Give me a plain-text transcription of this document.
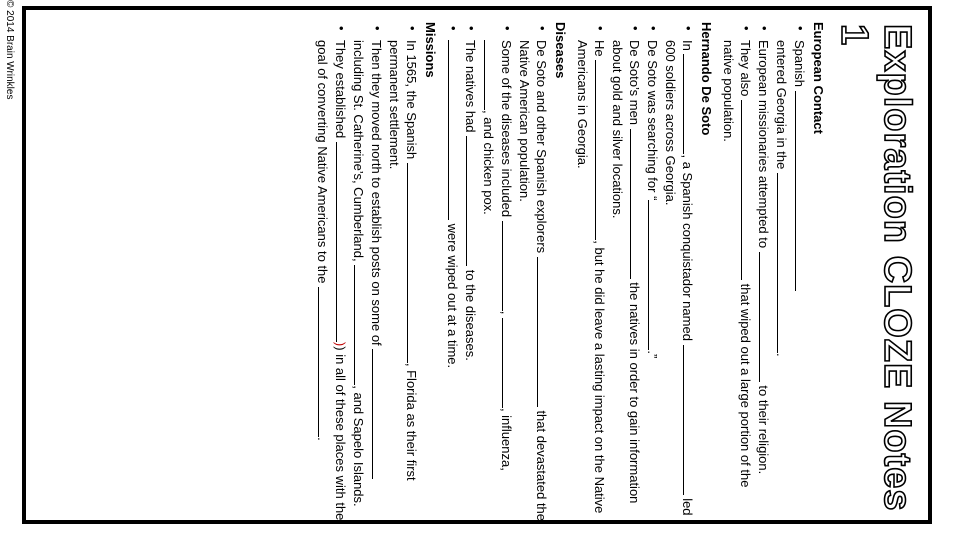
© 2014 Brain Wrinkles	Exploration CLOZE Notes 1
European Contact
• Spanish
entered Georgia in the .
• European missionaries attempted to  to their religion.
• They also  that wiped out a large portion of the native population.
Hernando De Soto
• In , a Spanish conquistador named  led 600 soldiers across Georgia.
• De Soto was searching for “.”
• De Soto’s men  the natives in order to gain information about gold and silver locations.
• He , but he did leave a lasting impact on the Native Americans in Georgia.
Diseases
• De Soto and other Spanish explorers  that devastated the Native American population.
• Some of the diseases included , , influenza, , and chicken pox.
• The natives had  to the diseases.
• were wiped out at a time.
Missions
• In 1565, the Spanish , Florida as their first permanent settlement.
• Then they moved north to establish posts on some of  including St. Catherine’s, Cumberland, , and Sapelo Islands.
• They established )) in all of these places with the goal of converting Native Americans to the .
